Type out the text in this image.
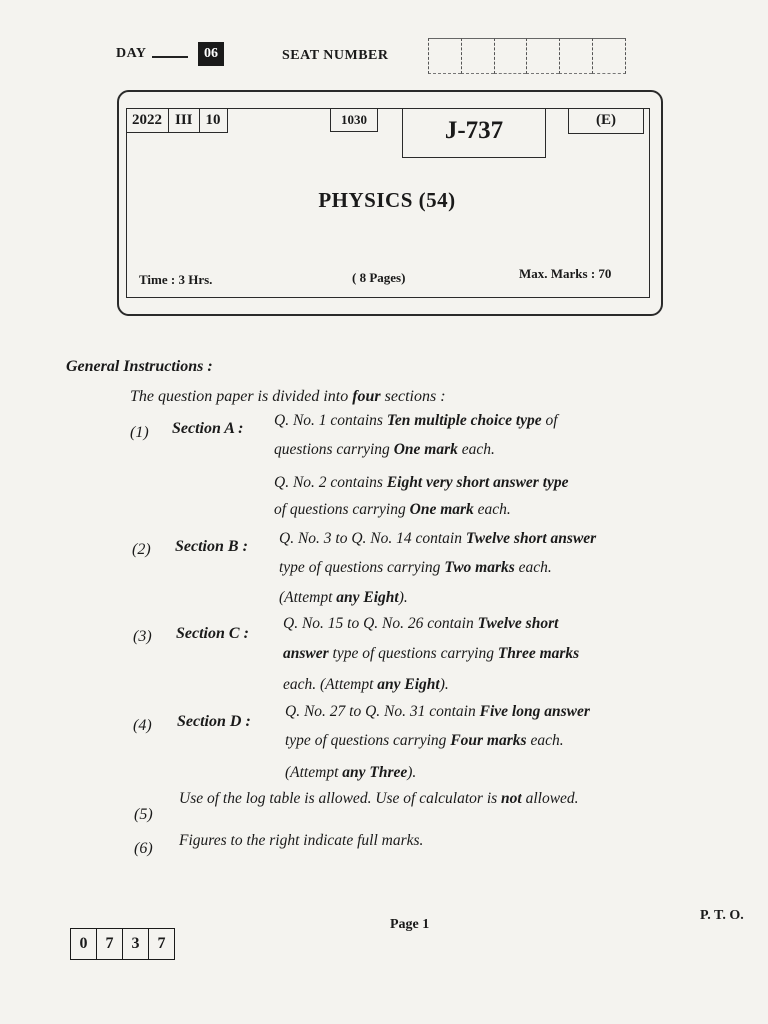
DAY	06	SEAT NUMBER
2022 III 10	1030	J-737	(E)
PHYSICS (54)
Time : 3 Hrs.	( 8 Pages)	Max. Marks : 70
General Instructions :
The question paper is divided into four sections :
(1) Section A : Q. No. 1 contains Ten multiple choice type of
questions carrying One mark each.
Q. No. 2 contains Eight very short answer type
of questions carrying One mark each.
(2) Section B : Q. No. 3 to Q. No. 14 contain Twelve short answer
type of questions carrying Two marks each.
(Attempt any Eight).
(3) Section C :
Q. No. 15 to Q. No. 26 contain Twelve short
answer type of questions carrying Three marks
each. (Attempt any Eight).
(4) Section D :
Q. No. 27 to Q. No. 31 contain Five long answer
type of questions carrying Four marks each.
(Attempt any Three).
(5)
Use of the log table is allowed. Use of calculator is not allowed.
(6) Figures to the right indicate full marks.
Page 1
P. T. O.
0	7	3	7
